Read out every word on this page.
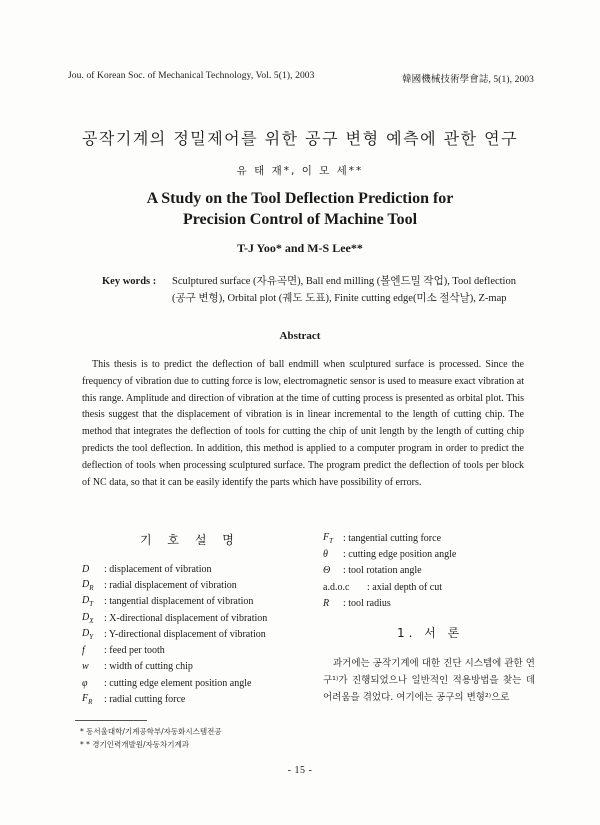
Jou. of Korean Soc. of Mechanical Technology, Vol. 5(1), 2003	韓國機械技術學會誌, 5(1), 2003
공작기계의 정밀제어를 위한 공구 변형 예측에 관한 연구
유 태 재*, 이 모 세**
A Study on the Tool Deflection Prediction for
Precision Control of Machine Tool
T-J Yoo* and M-S Lee**
Key words : Sculptured surface (자유곡면), Ball end milling (볼엔드밀 작업), Tool deflection (공구 변형), Orbital plot (궤도 도표), Finite cutting edge(미소 절삭날), Z-map
Abstract
This thesis is to predict the deflection of ball endmill when sculptured surface is processed. Since the frequency of vibration due to cutting force is low, electromagnetic sensor is used to measure exact vibration at this range. Amplitude and direction of vibration at the time of cutting process is presented as orbital plot. This thesis suggest that the displacement of vibration is in linear incremental to the length of cutting chip. The method that integrates the deflection of tools for cutting the chip of unit length by the length of cutting chip predicts the tool deflection. In addition, this method is applied to a computer program in order to predict the deflection of tools when processing sculptured surface. The program predict the deflection of tools per block of NC data, so that it can be easily identify the parts which have possibility of errors.
기 호 설 명
D	: displacement of vibration
$D_R$	: radial displacement of vibration
$D_T$	: tangential displacement of vibration
$D_X$	: X-directional displacement of vibration
$D_Y$	: Y-directional displacement of vibration
f	: feed per tooth
w	: width of cutting chip
φ	: cutting edge element position angle
$F_R$	: radial cutting force
$F_T$ : tangential cutting force
θ	: cutting edge position angle
Θ	: tool rotation angle
a.d.o.c	: axial depth of cut
R	: tool radius
1. 서 론
과거에는 공작기계에 대한 진단 시스템에 관한 연구¹⁾가 진행되었으나 일반적인 적용방법을 찾는 데 어려움을 겪었다. 여기에는 공구의 변형²⁾으로
* 동서울대학/기계공학부/자동화시스템전공
* * 경기인력개발원/자동차기계과
- 15 -
